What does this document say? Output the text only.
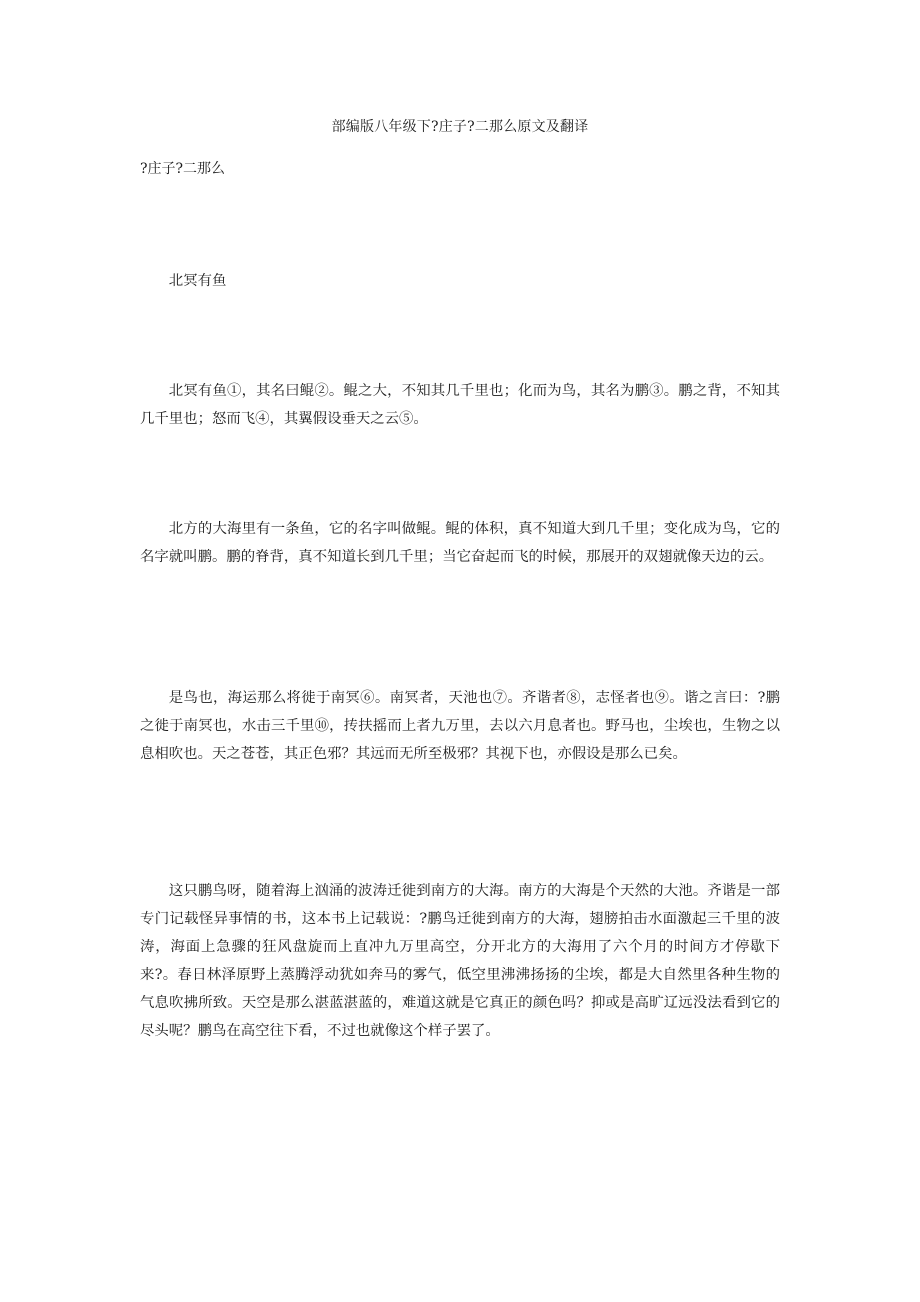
部编版八年级下?庄子?二那么原文及翻译
?庄子?二那么

北冥有鱼

北冥有鱼①，其名曰鲲②。鲲之大，不知其几千里也；化而为鸟，其名为鹏③。鹏之背，不知其几千里也；怒而飞④，其翼假设垂天之云⑤。

北方的大海里有一条鱼，它的名字叫做鲲。鲲的体积，真不知道大到几千里；变化成为鸟，它的名字就叫鹏。鹏的脊背，真不知道长到几千里；当它奋起而飞的时候，那展开的双翅就像天边的云。

是鸟也，海运那么将徙于南冥⑥。南冥者，天池也⑦。齐谐者⑧，志怪者也⑨。谐之言曰：?鹏之徙于南冥也，水击三千里⑩，抟扶摇而上者九万里，去以六月息者也。野马也，尘埃也，生物之以息相吹也。天之苍苍，其正色邪？其远而无所至极邪？其视下也，亦假设是那么已矣。

这只鹏鸟呀，随着海上汹涌的波涛迁徙到南方的大海。南方的大海是个天然的大池。齐谐是一部专门记载怪异事情的书，这本书上记载说：?鹏鸟迁徙到南方的大海，翅膀拍击水面激起三千里的波涛，海面上急骤的狂风盘旋而上直冲九万里高空，分开北方的大海用了六个月的时间方才停歇下来?。春日林泽原野上蒸腾浮动犹如奔马的雾气，低空里沸沸扬扬的尘埃，都是大自然里各种生物的气息吹拂所致。天空是那么湛蓝湛蓝的，难道这就是它真正的颜色吗？抑或是高旷辽远没法看到它的尽头呢？鹏鸟在高空往下看，不过也就像这个样子罢了。
